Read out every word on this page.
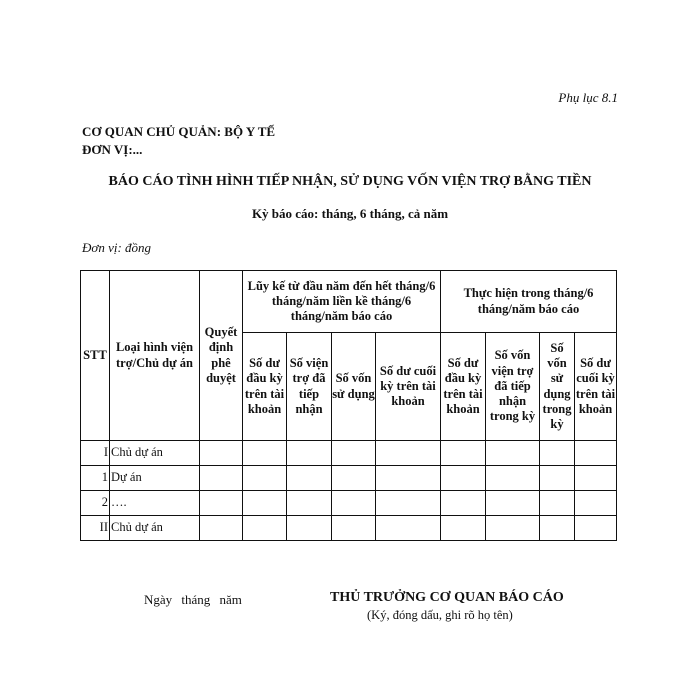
Phụ lục 8.1
CƠ QUAN CHỦ QUẢN: BỘ Y TẾ
ĐƠN VỊ:...
BÁO CÁO TÌNH HÌNH TIẾP NHẬN, SỬ DỤNG VỐN VIỆN TRỢ BẰNG TIỀN
Kỳ báo cáo: tháng, 6 tháng, cả năm
Đơn vị: đồng
STT	Loại hình viện trợ/Chủ dự án	Quyết định phê duyệt	Lũy kế từ đầu năm đến hết tháng/6 tháng/năm liền kề tháng/6 tháng/năm báo cáo				Thực hiện trong tháng/6 tháng/năm báo cáo			
			Số dư đầu kỳ trên tài khoản	Số viện trợ đã tiếp nhận	Số vốn sử dụng	Số dư cuối kỳ trên tài khoản	Số dư đầu kỳ trên tài khoản	Số vốn viện trợ đã tiếp nhận trong kỳ	Số vốn sử dụng trong kỳ	Số dư cuối kỳ trên tài khoản
I	Chủ dự án									
1	Dự án									
2	….									
II	Chủ dự án									
Ngày tháng năm	THỦ TRƯỞNG CƠ QUAN BÁO CÁO
(Ký, đóng dấu, ghi rõ họ tên)
